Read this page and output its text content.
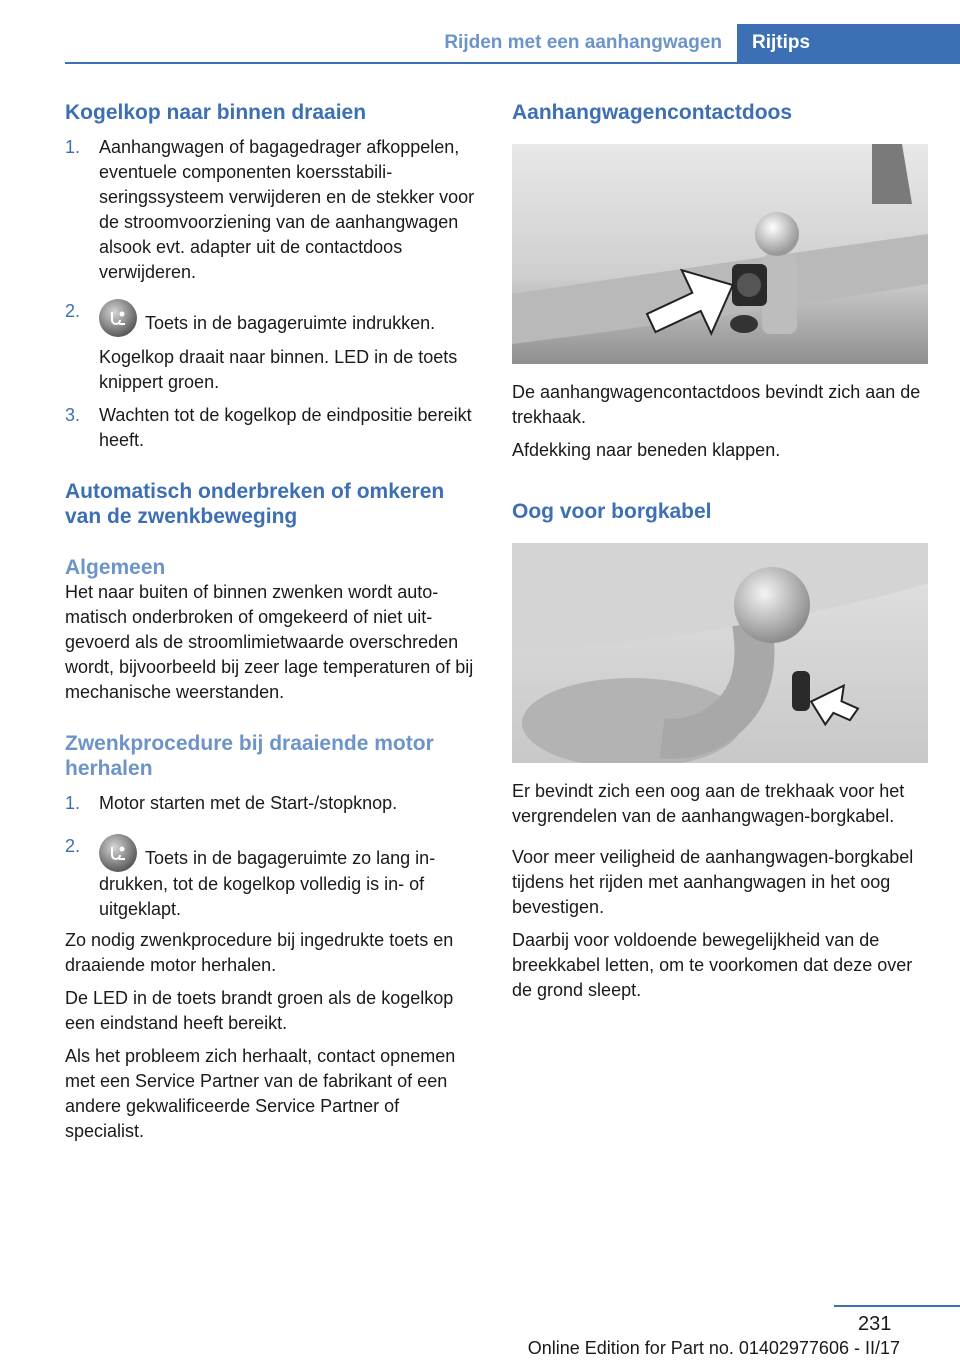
Rijden met een aanhangwagen	Rijtips
Kogelkop naar binnen draaien
1. Aanhangwagen of bagagedrager afkoppelen, eventuele componenten koersstabiliseringssysteem verwijderen en de stekker voor de stroomvoorziening van de aanhangwagen alsook evt. adapter uit de contactdoos verwijderen.
2.
Toets in de bagageruimte indrukken.
Kogelkop draait naar binnen. LED in de toets knippert groen.
3. Wachten tot de kogelkop de eindpositie bereikt heeft.
Automatisch onderbreken of omkeren van de zwenkbeweging
Algemeen

Het naar buiten of binnen zwenken wordt automatisch onderbroken of omgekeerd of niet uitgevoerd als de stroomlimietwaarde overschreden wordt, bijvoorbeeld bij zeer lage temperaturen of bij mechanische weerstanden.

Zwenkprocedure bij draaiende motor herhalen
1. Motor starten met de Start-/stopknop.
2.
Toets in de bagageruimte zo lang indrukken, tot de kogelkop volledig is in- of uitgeklapt.

Zo nodig zwenkprocedure bij ingedrukte toets en draaiende motor herhalen.

De LED in de toets brandt groen als de kogelkop een eindstand heeft bereikt.

Als het probleem zich herhaalt, contact opnemen met een Service Partner van de fabrikant of een andere gekwalificeerde Service Partner of specialist.

Aanhangwagencontactdoos

De aanhangwagencontactdoos bevindt zich aan de trekhaak.

Afdekking naar beneden klappen.

Oog voor borgkabel

Er bevindt zich een oog aan de trekhaak voor het vergrendelen van de aanhangwagen-borgkabel.

Voor meer veiligheid de aanhangwagen-borgkabel tijdens het rijden met aanhangwagen in het oog bevestigen.

Daarbij voor voldoende bewegelijkheid van de breekkabel letten, om te voorkomen dat deze over de grond sleept.

231
Online Edition for Part no. 01402977606 - II/17
